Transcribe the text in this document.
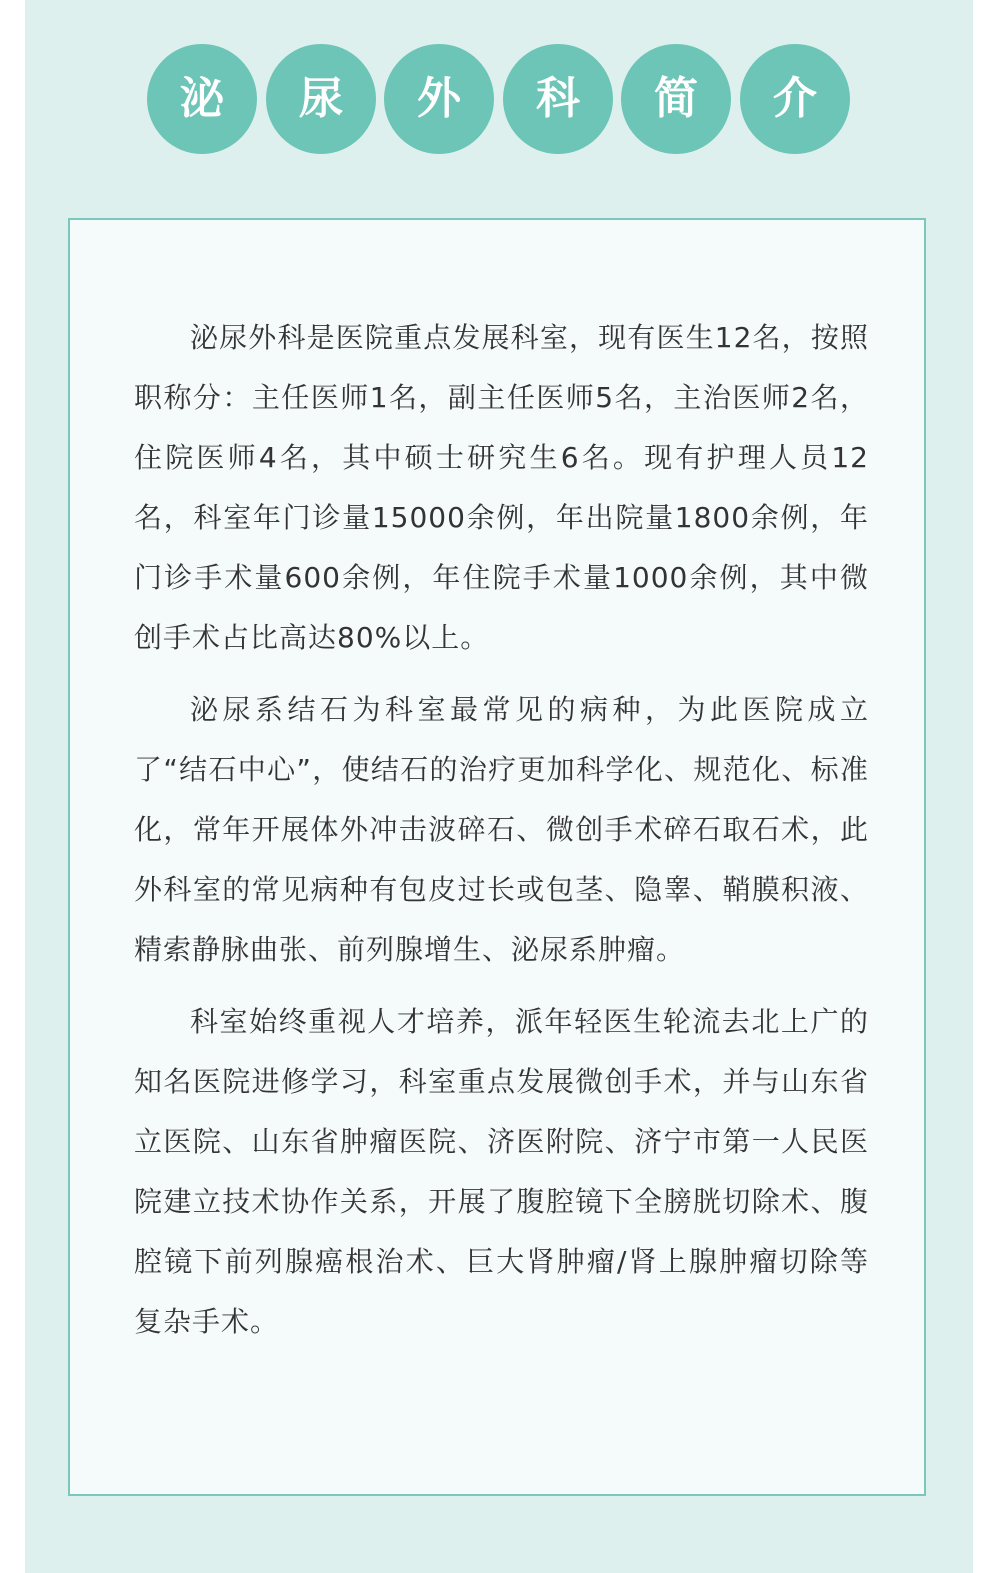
泌	尿	外	科	简	介

泌尿外科是医院重点发展科室，现有医生12名，按照职称分：主任医师1名，副主任医师5名，主治医师2名，住院医师4名，其中硕士研究生6名。现有护理人员12名，科室年门诊量15000余例，年出院量1800余例，年门诊手术量600余例，年住院手术量1000余例，其中微创手术占比高达80%以上。

泌尿系结石为科室最常见的病种，为此医院成立了“结石中心”，使结石的治疗更加科学化、规范化、标准化，常年开展体外冲击波碎石、微创手术碎石取石术，此外科室的常见病种有包皮过长或包茎、隐睾、鞘膜积液、精索静脉曲张、前列腺增生、泌尿系肿瘤。

科室始终重视人才培养，派年轻医生轮流去北上广的知名医院进修学习，科室重点发展微创手术，并与山东省立医院、山东省肿瘤医院、济医附院、济宁市第一人民医院建立技术协作关系，开展了腹腔镜下全膀胱切除术、腹腔镜下前列腺癌根治术、巨大肾肿瘤/肾上腺肿瘤切除等复杂手术。
